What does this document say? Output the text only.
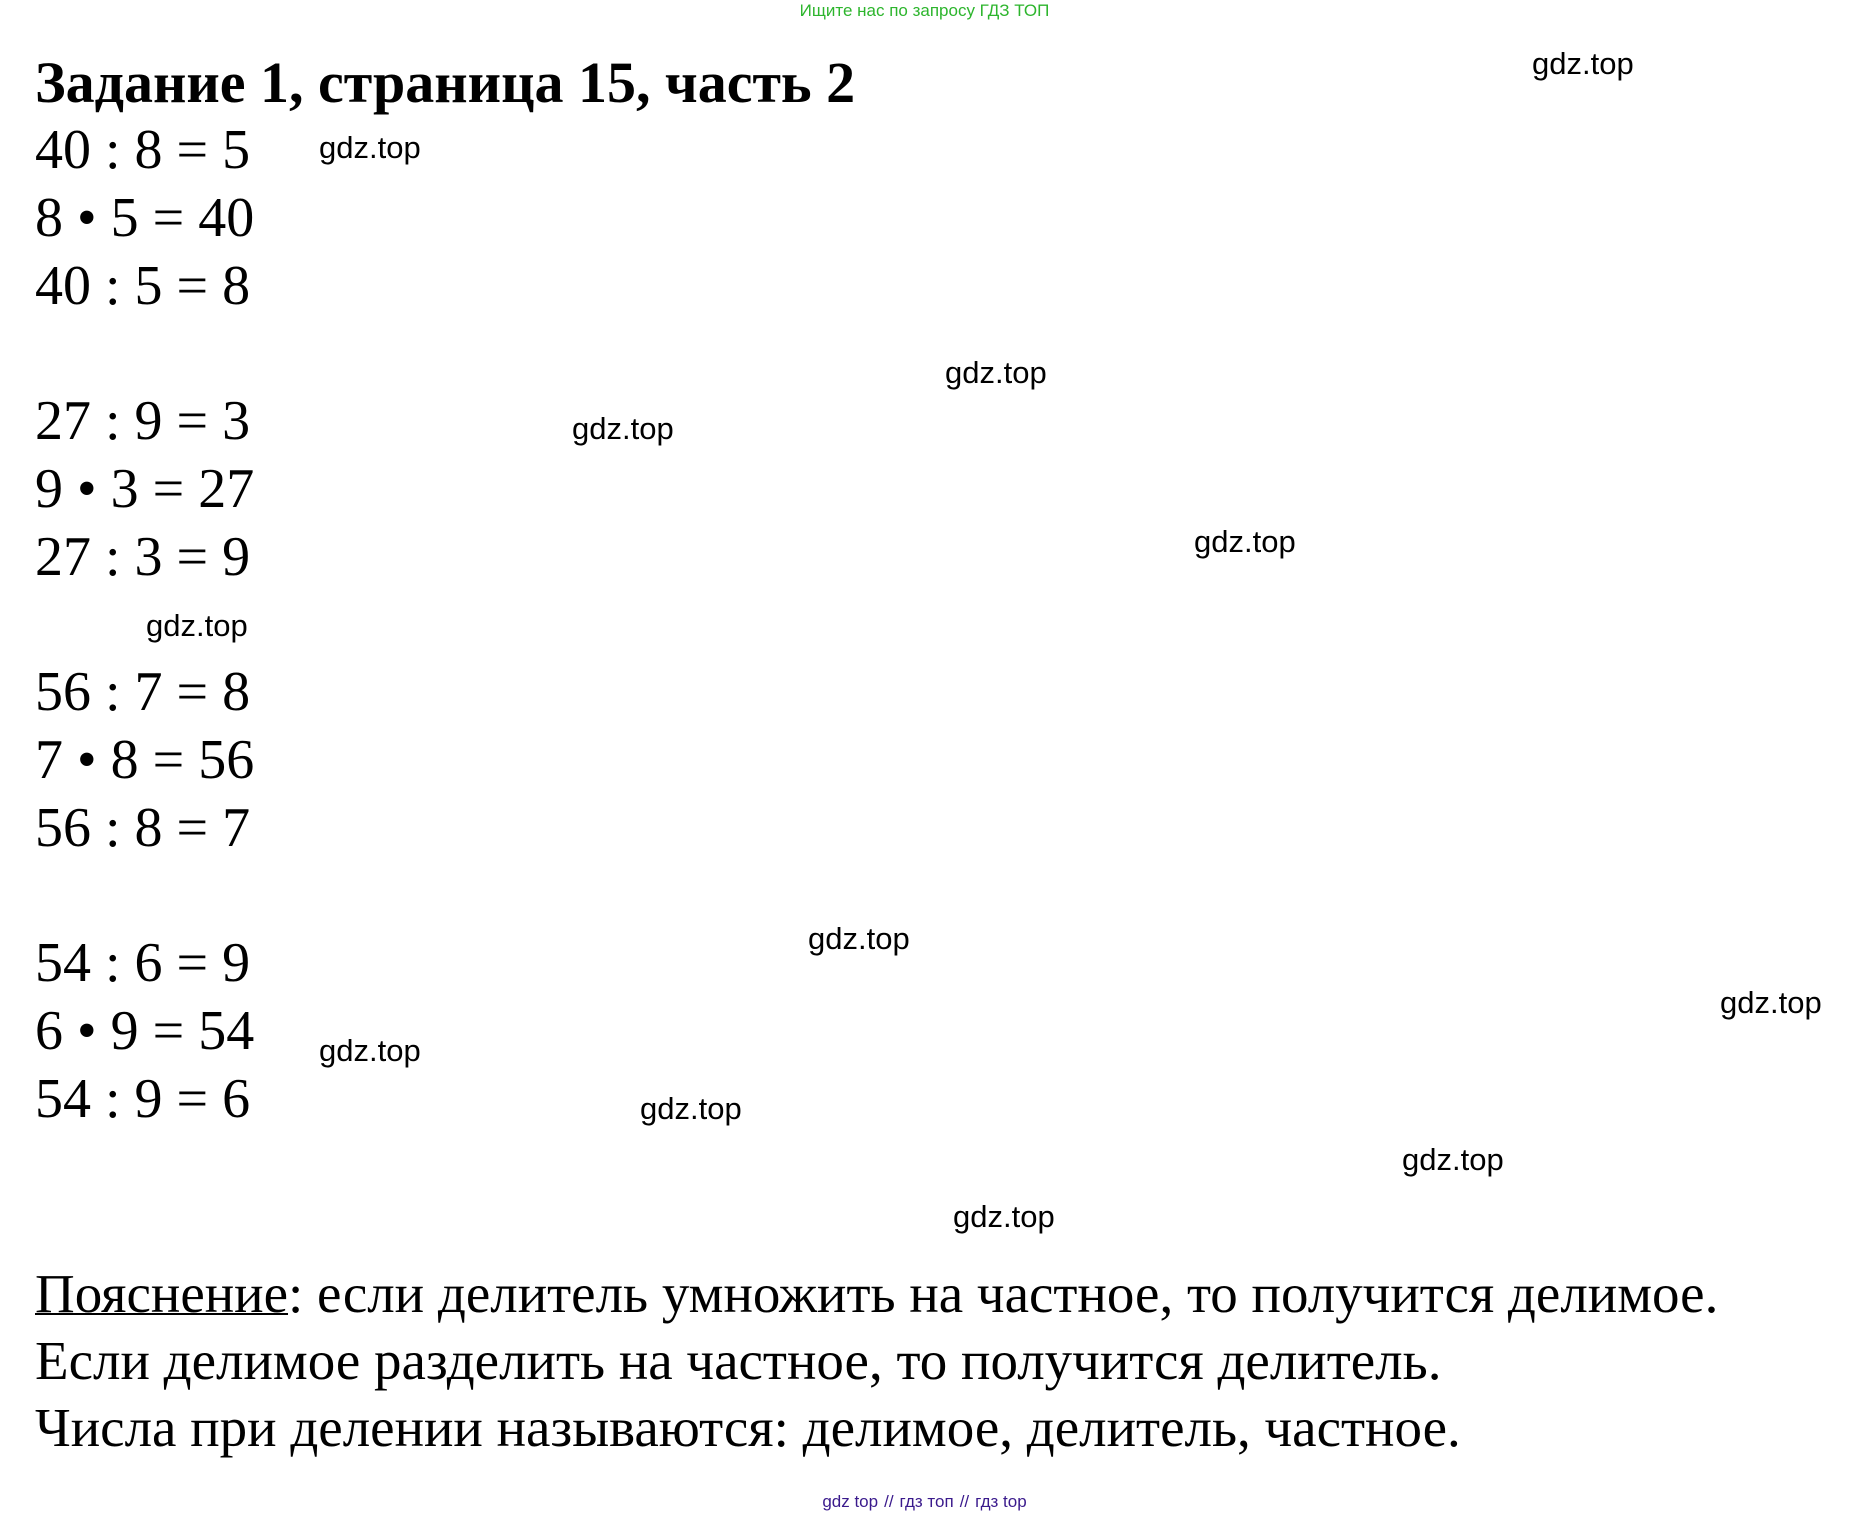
Ищите нас по запросу ГДЗ ТОП
Задание 1, страница 15, часть 2
40 : 8 = 5
8 • 5 = 40
40 : 5 = 8
27 : 9 = 3
9 • 3 = 27
27 : 3 = 9
56 : 7 = 8
7 • 8 = 56
56 : 8 = 7
54 : 6 = 9
6 • 9 = 54
54 : 9 = 6
gdz.top
gdz.top
gdz.top
gdz.top
gdz.top
gdz.top
gdz.top
gdz.top
gdz.top
gdz.top
gdz.top
gdz.top
Пояснение: если делитель умножить на частное, то получится делимое.
Если делимое разделить на частное, то получится делитель.
Числа при делении называются: делимое, делитель, частное.
gdz top // гдз топ // гдз top
